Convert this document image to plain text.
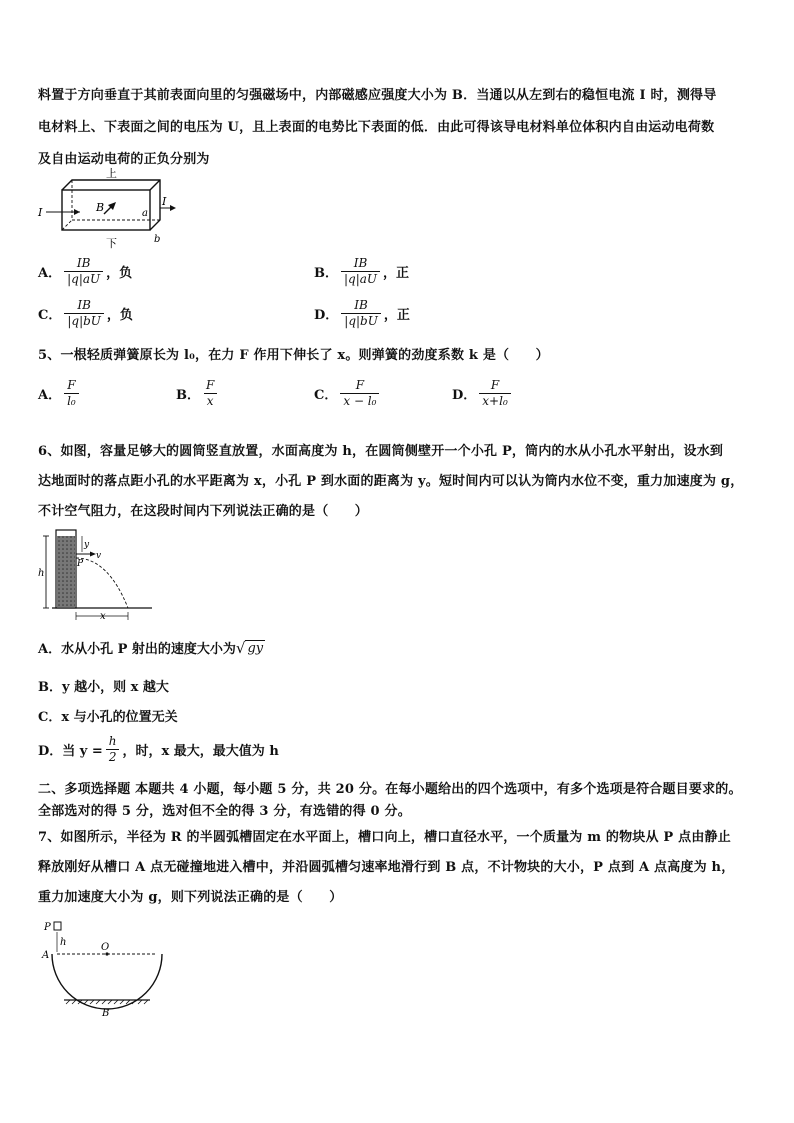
料置于方向垂直于其前表面向里的匀强磁场中，内部磁感应强度大小为 B．当通以从左到右的稳恒电流 I 时，测得导
电材料上、下表面之间的电压为 U，且上表面的电势比下表面的低．由此可得该导电材料单位体积内自由运动电荷数
及自由运动电荷的正负分别为
上
下
I
I
B	a
b
A． $\frac{IB}{|q|aU}$ ，负	B． $\frac{IB}{|q|aU}$ ，正
C． $\frac{IB}{|q|bU}$ ，负	D． $\frac{IB}{|q|bU}$ ，正
5、一根轻质弹簧原长为 l₀，在力 F 作用下伸长了 x。则弹簧的劲度系数 k 是（　　）
A． $\frac{F}{\text{l₀}}$	B． $\frac{F}{x}$	C． $\frac{F}{\text{x − l₀}}$	D． $\frac{F}{\text{x+l₀}}$
6、如图，容量足够大的圆筒竖直放置，水面高度为 h，在圆筒侧壁开一个小孔 P，筒内的水从小孔水平射出，设水到
达地面时的落点距小孔的水平距离为 x，小孔 P 到水面的距离为 y。短时间内可以认为筒内水位不变，重力加速度为 g，
不计空气阻力，在这段时间内下列说法正确的是（　　）
h
y
P
v
x
A．水从小孔 P 射出的速度大小为 √ gy
B．y 越小，则 x 越大
C．x 与小孔的位置无关
D．当 $y = \frac{h}{2}$ ，时，x 最大，最大值为 h
二、多项选择题 本题共 4 小题，每小题 5 分，共 20 分。在每小题给出的四个选项中，有多个选项是符合题目要求的。
全部选对的得 5 分，选对但不全的得 3 分，有选错的得 0 分。
7、如图所示，半径为 R 的半圆弧槽固定在水平面上，槽口向上，槽口直径水平，一个质量为 m 的物块从 P 点由静止
释放刚好从槽口 A 点无碰撞地进入槽中，并沿圆弧槽匀速率地滑行到 B 点，不计物块的大小，P 点到 A 点高度为 h，
重力加速度大小为 g，则下列说法正确的是（　　）
P
h	O
A
B
